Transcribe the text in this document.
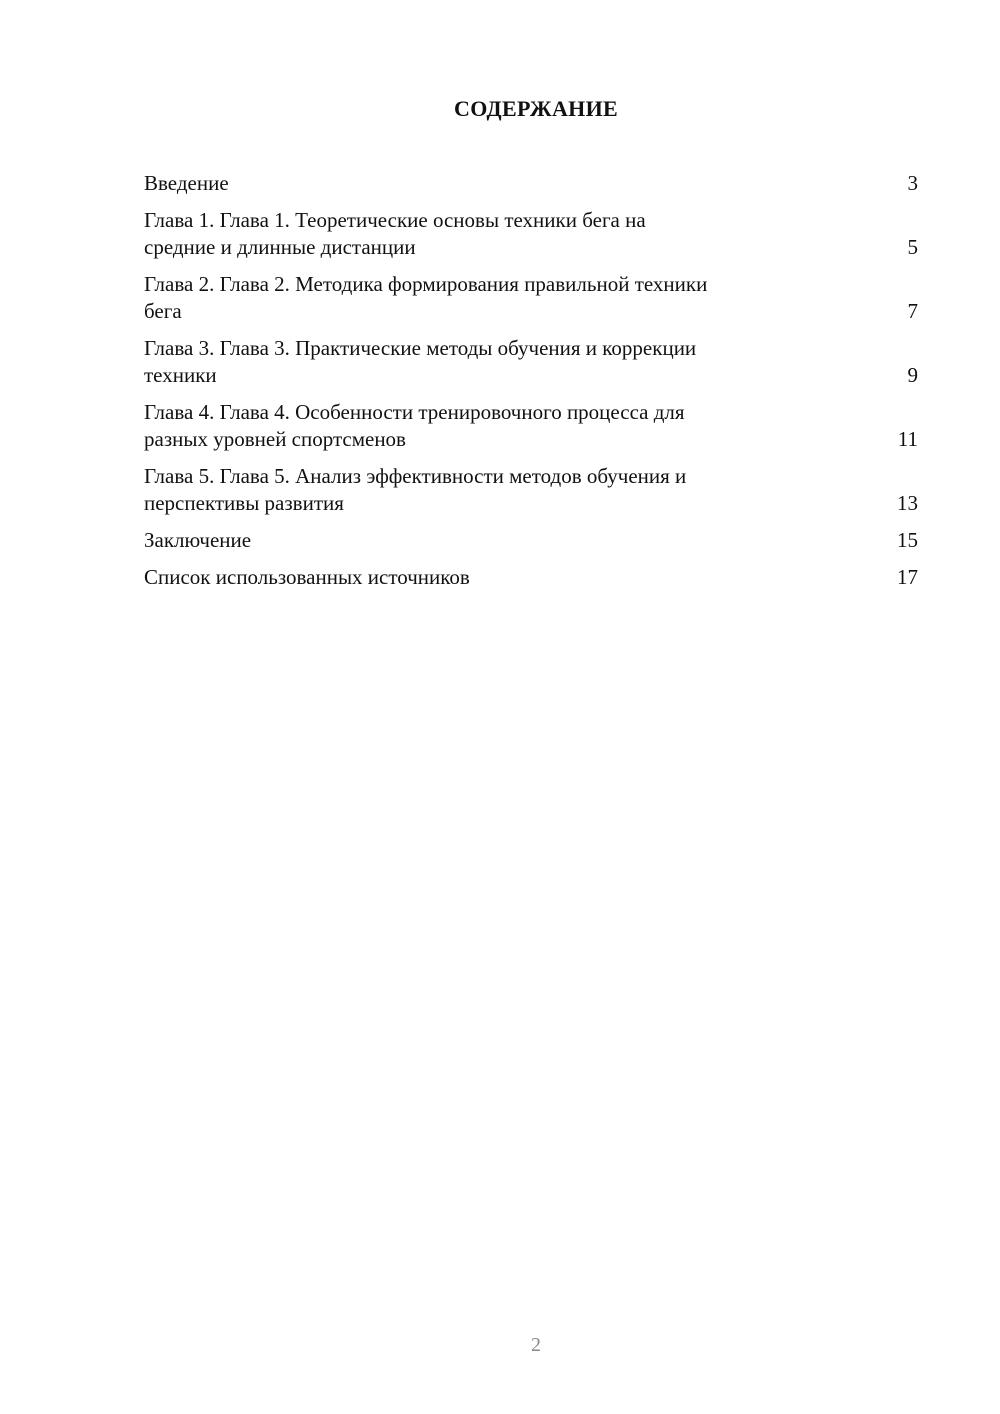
СОДЕРЖАНИЕ
Введение	3
Глава 1. Глава 1. Теоретические основы техники бега на
средние и длинные дистанции	5
Глава 2. Глава 2. Методика формирования правильной техники
бега	7
Глава 3. Глава 3. Практические методы обучения и коррекции
техники	9
Глава 4. Глава 4. Особенности тренировочного процесса для
разных уровней спортсменов	11
Глава 5. Глава 5. Анализ эффективности методов обучения и
перспективы развития	13
Заключение	15
Список использованных источников	17
2
